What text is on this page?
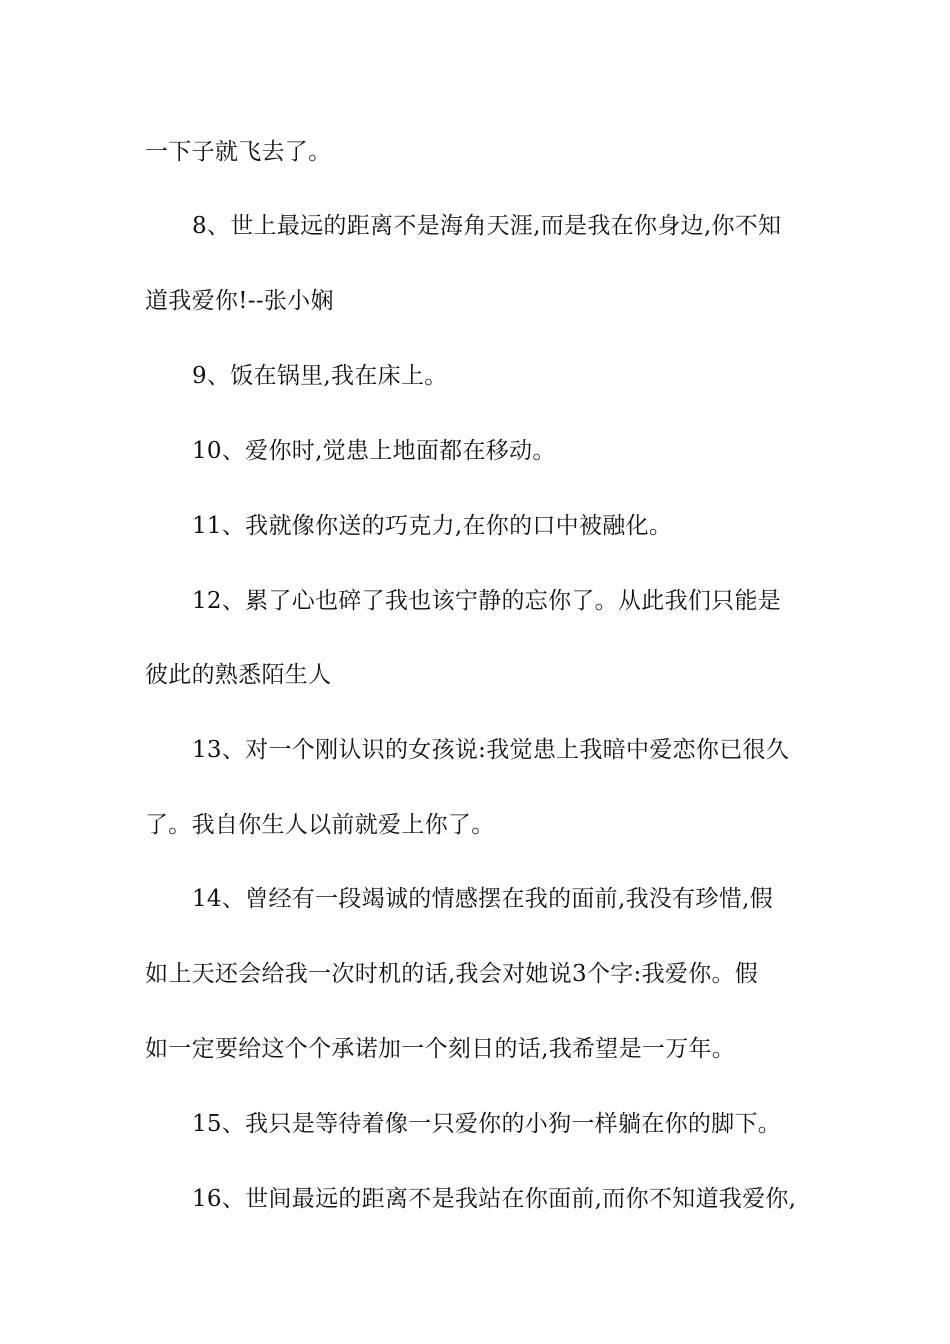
一下子就飞去了。
8、世上最远的距离不是海角天涯,而是我在你身边,你不知
道我爱你!--张小娴
9、饭在锅里,我在床上。
10、爱你时,觉患上地面都在移动。
11、我就像你送的巧克力,在你的口中被融化。
12、累了心也碎了我也该宁静的忘你了。从此我们只能是
彼此的熟悉陌生人
13、对一个刚认识的女孩说:我觉患上我暗中爱恋你已很久
了。我自你生人以前就爱上你了。
14、曾经有一段竭诚的情感摆在我的面前,我没有珍惜,假
如上天还会给我一次时机的话,我会对她说3个字:我爱你。假
如一定要给这个个承诺加一个刻日的话,我希望是一万年。
15、我只是等待着像一只爱你的小狗一样躺在你的脚下。
16、世间最远的距离不是我站在你面前,而你不知道我爱你,
